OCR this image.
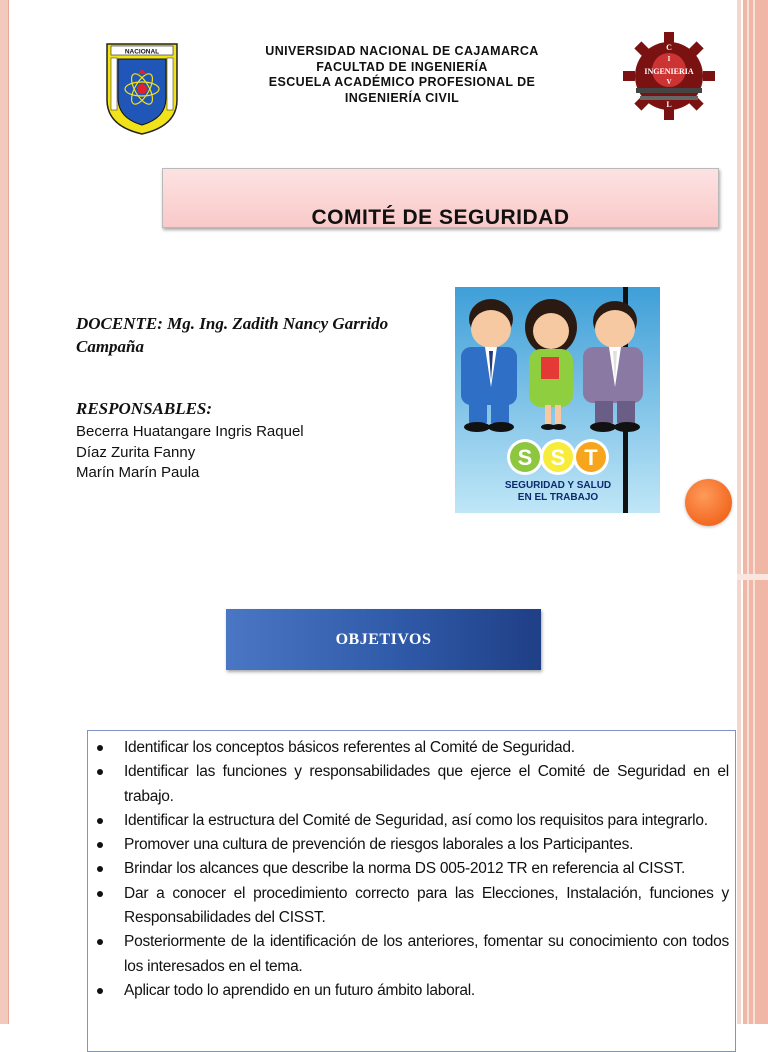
NACIONAL	UNIVERSIDAD NACIONAL DE CAJAMARCA
FACULTAD DE INGENIERÍA
ESCUELA ACADÉMICO PROFESIONAL DE
INGENIERÍA CIVIL
C
I
INGENIERIA
V
L
COMITÉ DE SEGURIDAD
DOCENTE: Mg. Ing. Zadith Nancy Garrido Campaña
RESPONSABLES:
Becerra Huatangare Ingris Raquel
Díaz Zurita Fanny
Marín Marín Paula
S S T
SEGURIDAD Y SALUD
EN EL TRABAJO
OBJETIVOS
Identificar los conceptos básicos referentes al Comité de Seguridad.
Identificar las funciones y responsabilidades que ejerce el Comité de Seguridad en el trabajo.
Identificar la estructura del Comité de Seguridad, así como los requisitos para integrarlo.
Promover una cultura de prevención de riesgos laborales a los Participantes.
Brindar los alcances que describe la norma DS 005-2012 TR en referencia al CISST.
Dar a conocer el procedimiento correcto para las Elecciones, Instalación, funciones y Responsabilidades del CISST.
Posteriormente de la identificación de los anteriores, fomentar su conocimiento con todos los interesados en el tema.
Aplicar todo lo aprendido en un futuro ámbito laboral.
